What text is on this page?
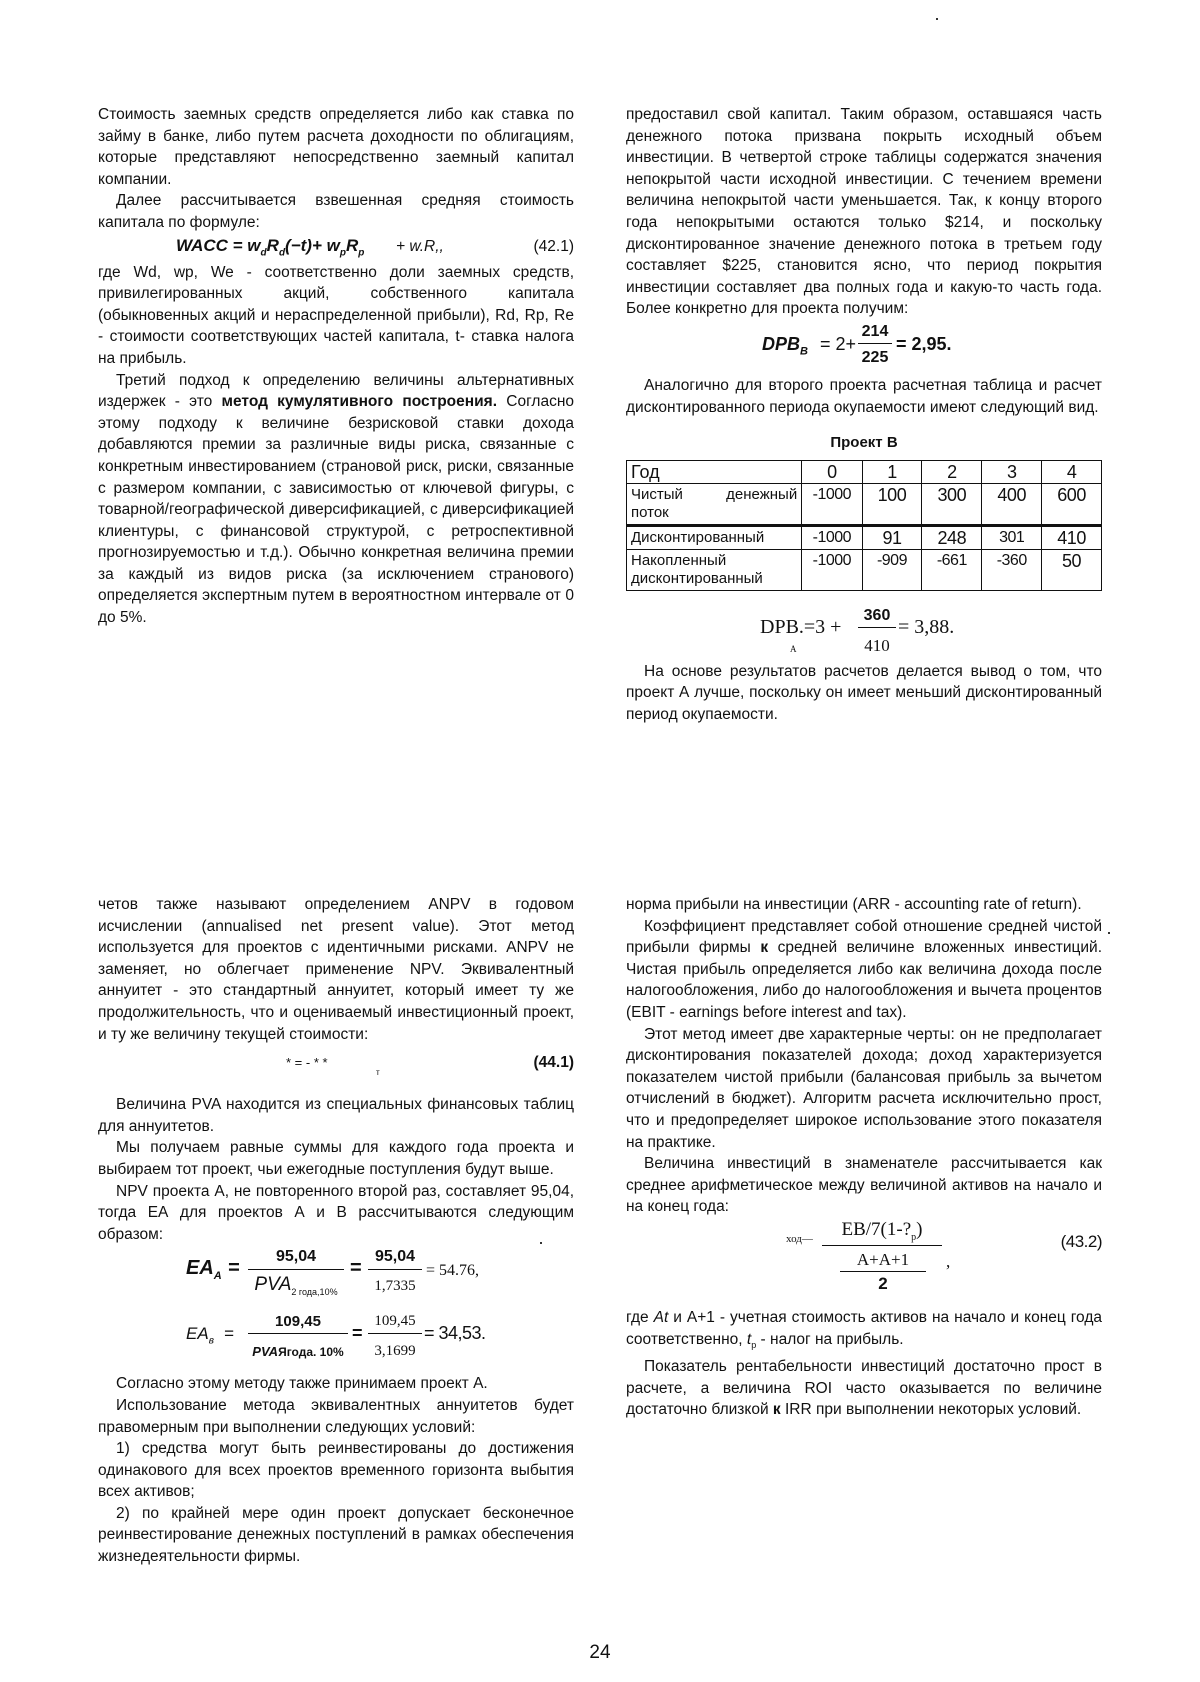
Стоимость заемных средств определяется либо как ставка по займу в банке, либо путем расчета доходности по облигациям, которые представляют непосредственно заемный капитал компании.

Далее рассчитывается взвешенная средняя стоимость капитала по формуле:

WACC = $w_dR_d(-t)+ w_pR_p + w.R$,,	(42.1)

где Wd, wp, We - соответственно доли заемных средств, привилегированных акций, собственного капитала (обыкновенных акций и нераспределенной прибыли), Rd, Rp, Re - стоимости соответствующих частей капитала, t- ставка налога на прибыль.

Третий подход к определению величины альтернативных издержек - это метод кумулятивного построения. Согласно этому подходу к величине безрисковой ставки дохода добавляются премии за различные виды риска, связанные с конкретным инвестированием (страновой риск, риски, связанные с размером компании, с зависимостью от ключевой фигуры, с товарной/географической диверсификацией, с диверсификацией клиентуры, с финансовой структурой, с ретроспективной прогнозируемостью и т.д.). Обычно конкретная величина премии за каждый из видов риска (за исключением странового) определяется экспертным путем в вероятностном интервале от 0 до 5%.

предоставил свой капитал. Таким образом, оставшаяся часть денежного потока призвана покрыть исходный объем инвестиции. В четвертой строке таблицы содержатся значения непокрытой части исходной инвестиции. С течением времени величина непокрытой части уменьшается. Так, к концу второго года непокрытыми остаются только $214, и поскольку дисконтированное значение денежного потока в третьем году составляет $225, становится ясно, что период покрытия инвестиции составляет два полных года и какую-то часть года. Более конкретно для проекта получим:

$DPB_B = 2+$
214
225
= 2,95.

Аналогично для второго проекта расчетная таблица и расчет дисконтированного периода окупаемости имеют следующий вид.

Проект В
Год	0	1	2	3	4
Чистый денежный поток	-1000	100	300	400	600
Дисконтированный	-1000	91	248	301	410
Накопленный дисконтированный	-1000	-909	-661	-360	50
DPB.=3 +
A
360
410
= 3,88.

На основе результатов расчетов делается вывод о том, что проект А лучше, поскольку он имеет меньший дисконтированный период окупаемости.

четов также называют определением ANPV в годовом исчислении (annualised net present value). Этот метод используется для проектов с идентичными рисками. ANPV не заменяет, но облегчает применение NPV. Эквивалентный аннуитет - это стандартный аннуитет, который имеет ту же продолжительность, что и оцениваемый инвестиционный проект, и ту же величину текущей стоимости:

* = - * *
т
(44.1)

Величина PVA находится из специальных финансовых таблиц для аннуитетов.

Мы получаем равные суммы для каждого года проекта и выбираем тот проект, чьи ежегодные поступления будут выше.

NPV проекта А, не повторенного второй раз, составляет 95,04, тогда ЕА для проектов А и В рассчитываются следующим образом:

$EA_A$ =
95,04
$PVA_{2 года,10\%}$
=
95,04
1,7335
= 54.76,
$EA_в$ =
109,45
PVAЯгода. 10%
=
109,45
3,1699
= 34,53.

Согласно этому методу также принимаем проект А.

Использование метода эквивалентных аннуитетов будет правомерным при выполнении следующих условий:

1) средства могут быть реинвестированы до достижения одинакового для всех проектов временного горизонта выбытия всех активов;

2) по крайней мере один проект допускает бесконечное реинвестирование денежных поступлений в рамках обеспечения жизнедеятельности фирмы.

норма прибыли на инвестиции (ARR - accounting rate of return).

Коэффициент представляет собой отношение средней чистой прибыли фирмы к средней величине вложенных инвестиций. Чистая прибыль определяется либо как величина дохода после налогообложения, либо до налогообложения и вычета процентов (EBIT - earnings before interest and tax).

Этот метод имеет две характерные черты: он не предполагает дисконтирования показателей дохода; доход характеризуется показателем чистой прибыли (балансовая прибыль за вычетом отчислений в бюджет). Алгоритм расчета исключительно прост, что и предопределяет широкое использование этого показателя на практике.

Величина инвестиций в знаменателе рассчитывается как среднее арифметическое между величиной активов на начало и на конец года:

ход—	$EB/7(1-?_р)$
A+A+1
2
,
(43.2)

где At и А+1 - учетная стоимость активов на начало и конец года соответственно, $t_р$ - налог на прибыль.

Показатель рентабельности инвестиций достаточно прост в расчете, а величина ROI часто оказывается по величине достаточно близкой к IRR при выполнении некоторых условий.

24
